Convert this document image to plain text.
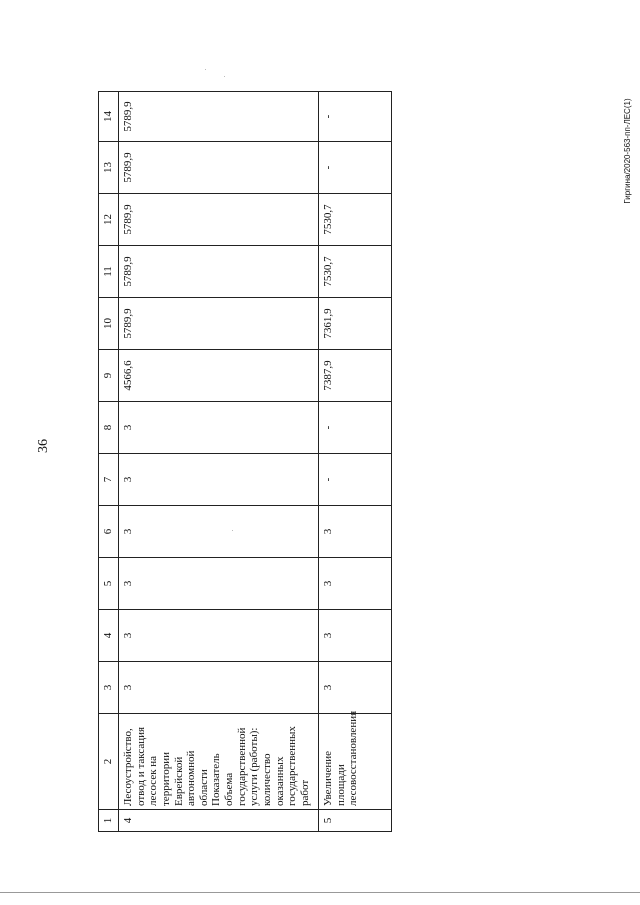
36
Гиргина/2020-563-пп-ЛЕС(1)
1	2	3	4	5	6	7	8	9	10	11	12	13	14
4	Лесоустройство, отвод и таксация лесосек на территории Еврейской автономной области Показатель объема государственной услуги (работы): количество оказанных государственных работ	3	3	3	3	3	3	4566,6	5789,9	5789,9	5789,9	5789,9	5789,9
5	Увеличение площади лесовосстановления	3	3	3	3	-	-	7387,9	7361,9	7530,7	7530,7	-	-
